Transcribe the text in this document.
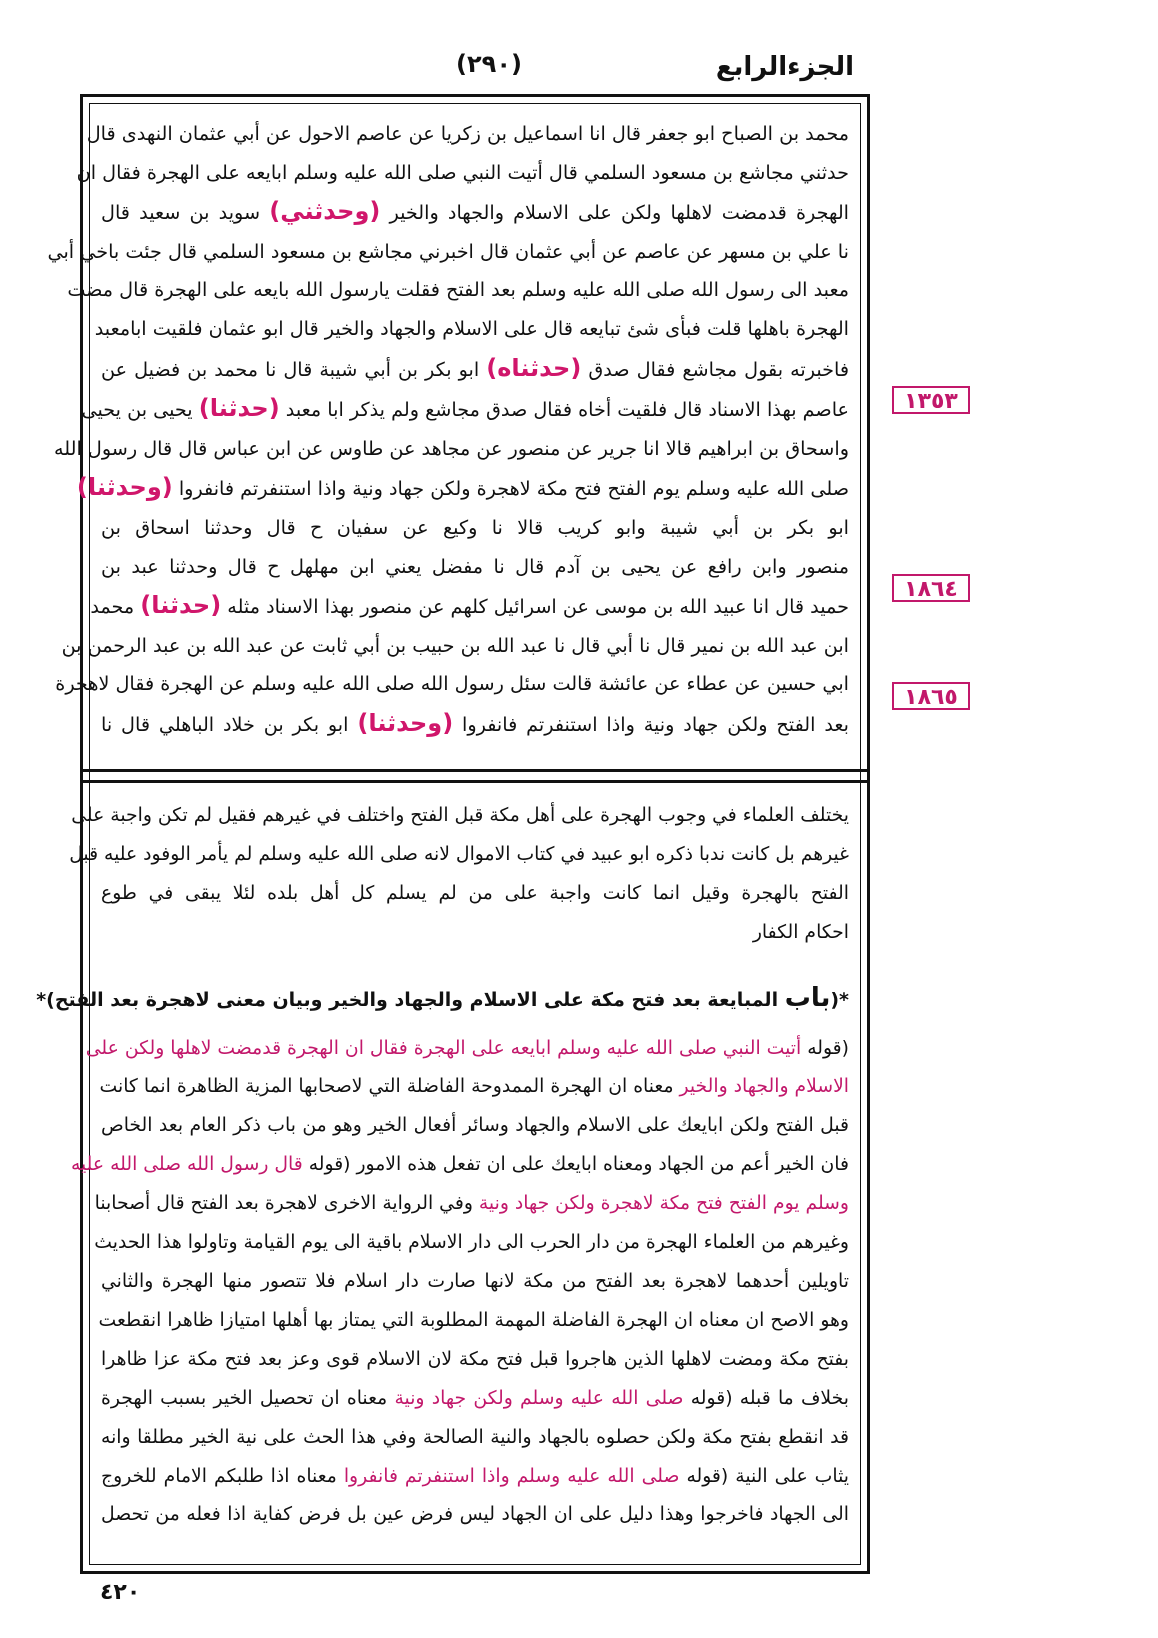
الجزءالرابع
(٢٩٠)
محمد بن الصباح ابو جعفر قال انا اسماعيل بن زكريا عن عاصم الاحول عن أبي عثمان النهدى قال
حدثني مجاشع بن مسعود السلمي قال أتيت النبي صلى الله عليه وسلم ابايعه على الهجرة فقال ان
الهجرة قدمضت لاهلها ولكن على الاسلام والجهاد والخير (وحدثني) سويد بن سعيد قال
نا علي بن مسهر عن عاصم عن أبي عثمان قال اخبرني مجاشع بن مسعود السلمي قال جئت باخي أبي
معبد الى رسول الله صلى الله عليه وسلم بعد الفتح فقلت يارسول الله بايعه على الهجرة قال مضت
الهجرة باهلها قلت فبأى شئ تبايعه قال على الاسلام والجهاد والخير قال ابو عثمان فلقيت ابامعبد
فاخبرته بقول مجاشع فقال صدق (حدثناه) ابو بكر بن أبي شيبة قال نا محمد بن فضيل عن
عاصم بهذا الاسناد قال فلقيت أخاه فقال صدق مجاشع ولم يذكر ابا معبد (حدثنا) يحيى بن يحيى
واسحاق بن ابراهيم قالا انا جرير عن منصور عن مجاهد عن طاوس عن ابن عباس قال قال رسول الله
صلى الله عليه وسلم يوم الفتح فتح مكة لاهجرة ولكن جهاد ونية واذا استنفرتم فانفروا (وحدثنا)
ابو بكر بن أبي شيبة وابو كريب قالا نا وكيع عن سفيان ح قال وحدثنا اسحاق بن
منصور وابن رافع عن يحيى بن آدم قال نا مفضل يعني ابن مهلهل ح قال وحدثنا عبد بن
حميد قال انا عبيد الله بن موسى عن اسرائيل كلهم عن منصور بهذا الاسناد مثله (حدثنا) محمد
ابن عبد الله بن نمير قال نا أبي قال نا عبد الله بن حبيب بن أبي ثابت عن عبد الله بن عبد الرحمن بن
ابي حسين عن عطاء عن عائشة قالت سئل رسول الله صلى الله عليه وسلم عن الهجرة فقال لاهجرة
بعد الفتح ولكن جهاد ونية واذا استنفرتم فانفروا (وحدثنا) ابو بكر بن خلاد الباهلي قال نا
يختلف العلماء في وجوب الهجرة على أهل مكة قبل الفتح واختلف في غيرهم فقيل لم تكن واجبة على
غيرهم بل كانت ندبا ذكره ابو عبيد في كتاب الاموال لانه صلى الله عليه وسلم لم يأمر الوفود عليه قبل
الفتح بالهجرة وقيل انما كانت واجبة على من لم يسلم كل أهل بلده لئلا يبقى في طوع
احكام الكفار
*(باب المبايعة بعد فتح مكة على الاسلام والجهاد والخير وبيان معنى لاهجرة بعد الفتح)*
(قوله أتيت النبي صلى الله عليه وسلم ابايعه على الهجرة فقال ان الهجرة قدمضت لاهلها ولكن على
الاسلام والجهاد والخير معناه ان الهجرة الممدوحة الفاضلة التي لاصحابها المزية الظاهرة انما كانت
قبل الفتح ولكن ابايعك على الاسلام والجهاد وسائر أفعال الخير وهو من باب ذكر العام بعد الخاص
فان الخير أعم من الجهاد ومعناه ابايعك على ان تفعل هذه الامور (قوله قال رسول الله صلى الله عليه
وسلم يوم الفتح فتح مكة لاهجرة ولكن جهاد ونية وفي الرواية الاخرى لاهجرة بعد الفتح قال أصحابنا
وغيرهم من العلماء الهجرة من دار الحرب الى دار الاسلام باقية الى يوم القيامة وتاولوا هذا الحديث
تاويلين أحدهما لاهجرة بعد الفتح من مكة لانها صارت دار اسلام فلا تتصور منها الهجرة والثاني
وهو الاصح ان معناه ان الهجرة الفاضلة المهمة المطلوبة التي يمتاز بها أهلها امتيازا ظاهرا انقطعت
بفتح مكة ومضت لاهلها الذين هاجروا قبل فتح مكة لان الاسلام قوى وعز بعد فتح مكة عزا ظاهرا
بخلاف ما قبله (قوله صلى الله عليه وسلم ولكن جهاد ونية معناه ان تحصيل الخير بسبب الهجرة
قد انقطع بفتح مكة ولكن حصلوه بالجهاد والنية الصالحة وفي هذا الحث على نية الخير مطلقا وانه
يثاب على النية (قوله صلى الله عليه وسلم واذا استنفرتم فانفروا معناه اذا طلبكم الامام للخروج
الى الجهاد فاخرجوا وهذا دليل على ان الجهاد ليس فرض عين بل فرض كفاية اذا فعله من تحصل
١٣٥٣
١٨٦٤
١٨٦٥
٤٢٠
